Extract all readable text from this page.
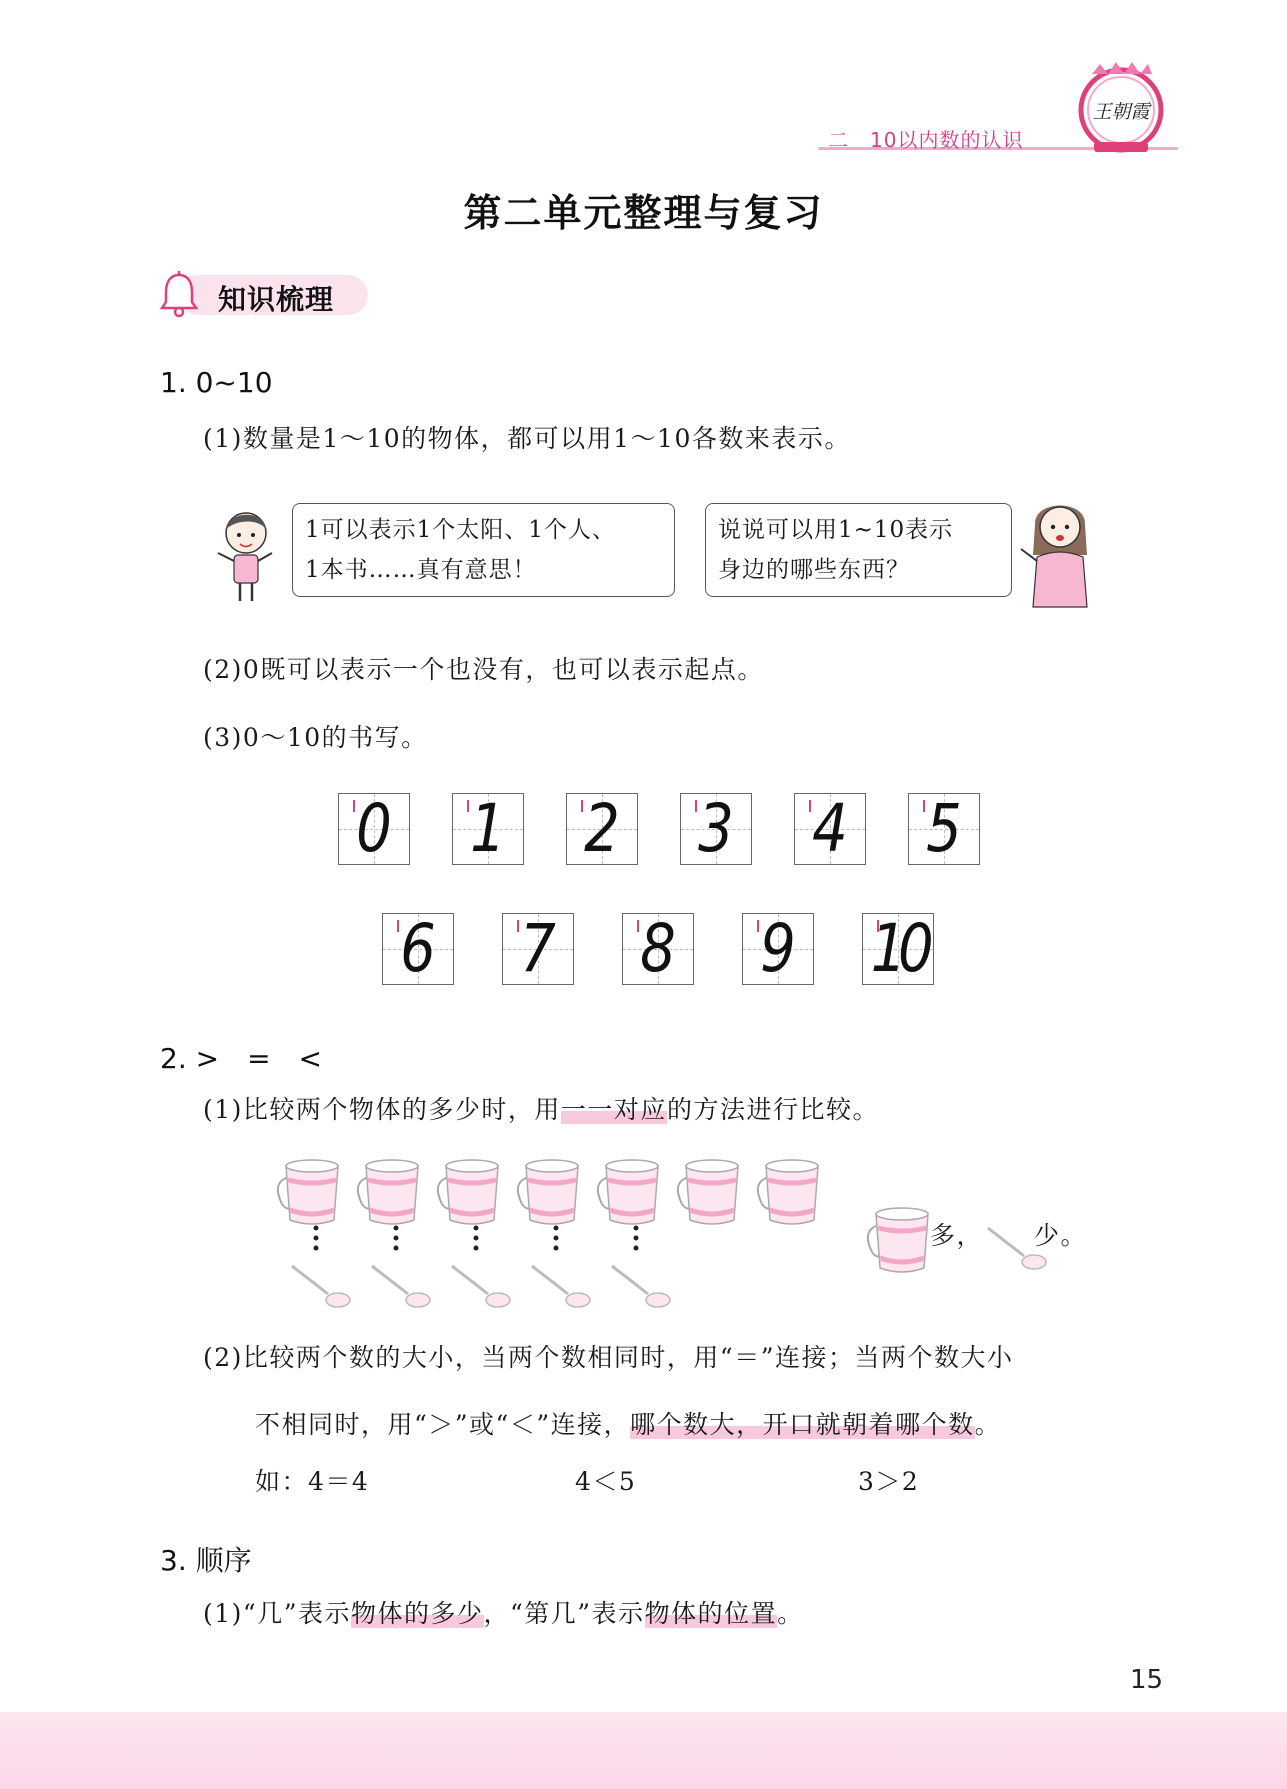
二　10以内数的认识
王朝霞
第二单元整理与复习
知识梳理
1. 0~10
(1)数量是1～10的物体，都可以用1～10各数来表示。
1可以表示1个太阳、1个人、
1本书……真有意思！
说说可以用1~10表示
身边的哪些东西？
(2)0既可以表示一个也没有，也可以表示起点。
(3)0～10的书写。
0 1 2 3 4 5
6 7 8 9 10
2. >　=　<
(1)比较两个物体的多少时，用一一对应的方法进行比较。
多， 少。
(2)比较两个数的大小，当两个数相同时，用“＝”连接；当两个数大小
不相同时，用“＞”或“＜”连接，哪个数大，开口就朝着哪个数。
如：4＝4	4＜5	3＞2
3. 顺序
(1)“几”表示物体的多少，“第几”表示物体的位置。
15
